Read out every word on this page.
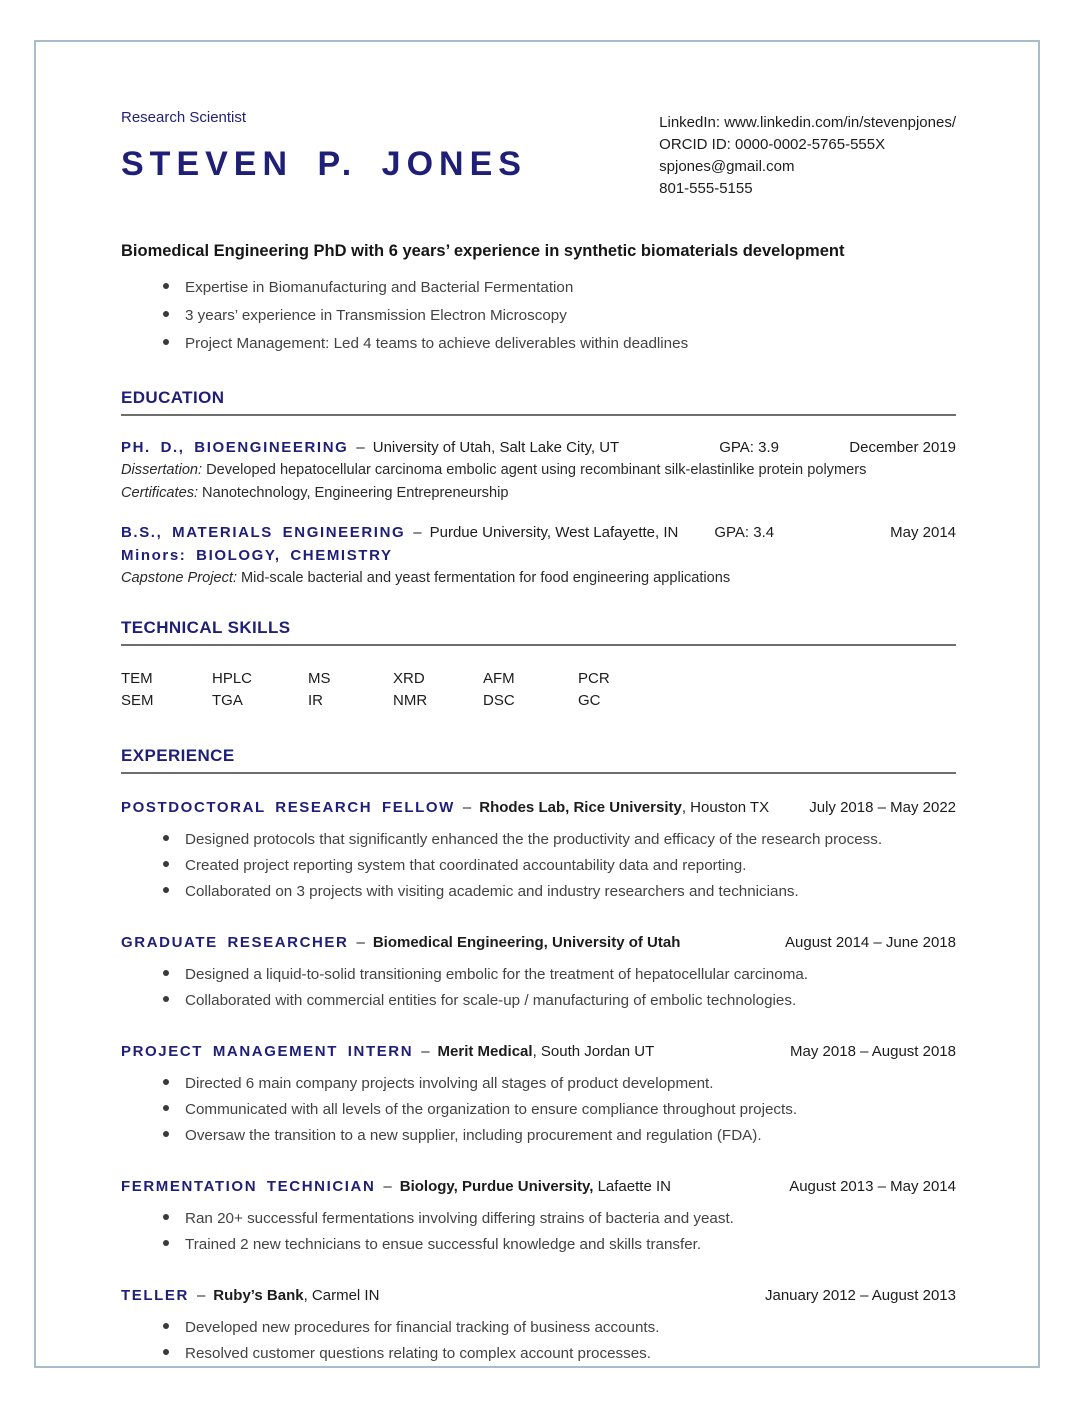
Research Scientist
STEVEN P. JONES
LinkedIn: www.linkedin.com/in/stevenpjones/
ORCID ID: 0000-0002-5765-555X
spjones@gmail.com
801-555-5155

Biomedical Engineering PhD with 6 years’ experience in synthetic biomaterials development

Expertise in Biomanufacturing and Bacterial Fermentation
3 years’ experience in Transmission Electron Microscopy
Project Management: Led 4 teams to achieve deliverables within deadlines
EDUCATION
PH. D., BIOENGINEERING – University of Utah, Salt Lake City, UT	GPA: 3.9	December 2019

Dissertation: Developed hepatocellular carcinoma embolic agent using recombinant silk-elastinlike protein polymers

Certificates: Nanotechnology, Engineering Entrepreneurship

B.S., MATERIALS ENGINEERING – Purdue University, West Lafayette, IN GPA: 3.4	May 2014
Minors: BIOLOGY, CHEMISTRY

Capstone Project: Mid-scale bacterial and yeast fermentation for food engineering applications

TECHNICAL SKILLS
TEM	HPLC	MS	XRD	AFM	PCR
SEM	TGA	IR	NMR	DSC	GC
EXPERIENCE
POSTDOCTORAL RESEARCH FELLOW – Rhodes Lab, Rice University , Houston TX	July 2018 – May 2022
Designed protocols that significantly enhanced the the productivity and efficacy of the research process.
Created project reporting system that coordinated accountability data and reporting.
Collaborated on 3 projects with visiting academic and industry researchers and technicians.
GRADUATE RESEARCHER – Biomedical Engineering, University of Utah	August 2014 – June 2018
Designed a liquid-to-solid transitioning embolic for the treatment of hepatocellular carcinoma.
Collaborated with commercial entities for scale-up / manufacturing of embolic technologies.
PROJECT MANAGEMENT INTERN – Merit Medical , South Jordan UT	May 2018 – August 2018
Directed 6 main company projects involving all stages of product development.
Communicated with all levels of the organization to ensure compliance throughout projects.
Oversaw the transition to a new supplier, including procurement and regulation (FDA).
FERMENTATION TECHNICIAN – Biology, Purdue University, Lafaette IN	August 2013 – May 2014
Ran 20+ successful fermentations involving differing strains of bacteria and yeast.
Trained 2 new technicians to ensue successful knowledge and skills transfer.
TELLER – Ruby’s Bank , Carmel IN	January 2012 – August 2013
Developed new procedures for financial tracking of business accounts.
Resolved customer questions relating to complex account processes.
